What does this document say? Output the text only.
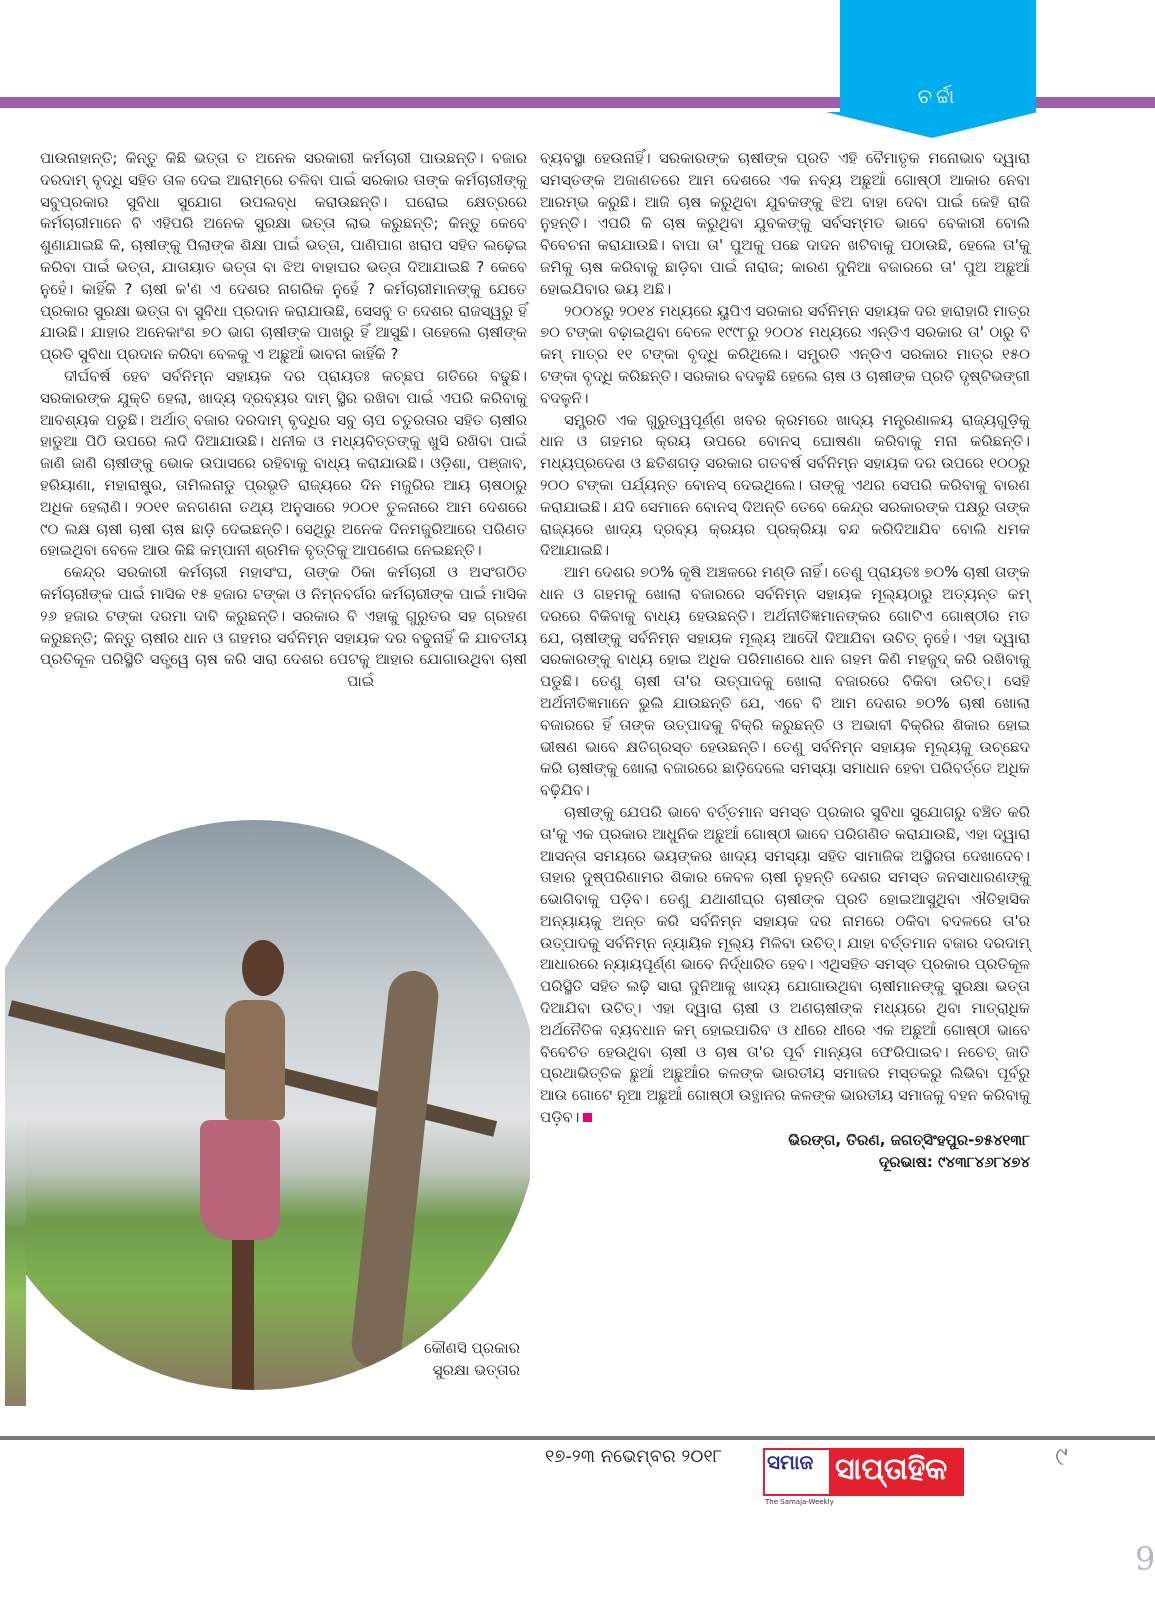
ଚର୍ଚ୍ଚା

ପାଉନାହାନ୍ତି; କିନ୍ତୁ କିଛି ଭତ୍ତା ତ ଅନେକ ସରକାରୀ କର୍ମଚାରୀ ପାଉଛନ୍ତି। ବଜାର ଦରଦାମ୍ ବୃଦ୍ଧି ସହିତ ତାଳ ଦେଇ ଆରାମ୍‌ରେ ଚଳିବା ପାଇଁ ସରକାର ତାଙ୍କ କର୍ମଚାରୀଙ୍କୁ ସବୁପ୍ରକାର ସୁବିଧା ସୁଯୋଗ ଉପଲବ୍ଧ କରାଉଛନ୍ତି। ଘରୋଇ କ୍ଷେତ୍ରରେ କର୍ମଚାରୀମାନେ ବି ଏହିପରି ଅନେକ ସୁରକ୍ଷା ଭତ୍ତା ଲାଭ କରୁଛନ୍ତି; କିନ୍ତୁ କେବେ ଶୁଣାଯାଇଛି କି, ଚାଷୀଙ୍କୁ ପିଲାଙ୍କ ଶିକ୍ଷା ପାଇଁ ଭତ୍ତା, ପାଣିପାଗ ଖରାପ ସହିତ ଲଢ଼େଇ କରିବା ପାଇଁ ଭତ୍ତା, ଯାତାୟାତ ଭତ୍ତା ବା ଝିଅ ବାହାଘର ଭତ୍ତା ଦିଆଯାଇଛି ? କେବେ ନୁହେଁ। କାହିଁକି ? ଚାଷୀ କ'ଣ ଏ ଦେଶର ନାଗରିକ ନୁହେଁ ? କର୍ମଚାରୀମାନଙ୍କୁ ଯେତେ ପ୍ରକାର ସୁରକ୍ଷା ଭତ୍ତା ବା ସୁବିଧା ପ୍ରଦାନ କରାଯାଉଛି, ସେସବୁ ତ ଦେଶର ରାଜସ୍ୱରୁ ହିଁ ଯାଉଛି। ଯାହାର ଅନେକାଂଶ ୭୦ ଭାଗ ଚାଷୀଙ୍କ ପାଖରୁ ହିଁ ଆସୁଛି। ତାହେଲେ ଚାଷୀଙ୍କ ପ୍ରତି ସୁବିଧା ପ୍ରଦାନ କରିବା ବେଳକୁ ଏ ଅଛୁଆଁ ଭାବନା କାହିଁକି ?

ଦୀର୍ଘବର୍ଷ ହେବ ସର୍ବନିମ୍ନ ସହାୟକ ଦର ପ୍ରାୟତଃ କଚ୍ଛପ ଗତିରେ ବଢୁଛି। ସରକାରଙ୍କ ଯୁକ୍ତି ହେଲା, ଖାଦ୍ୟ ଦ୍ରବ୍ୟର ଦାମ୍ ସ୍ଥିର ରଖିବା ପାଇଁ ଏପରି କରିବାକୁ ଆବଶ୍ୟକ ପଡୁଛି। ଅର୍ଥାତ୍ ବଜାର ଦରଦାମ୍ ବୃଦ୍ଧିର ସବୁ ଚାପ ଚତୁରତାର ସହିତ ଚାଷୀର ହାଡୁଆ ପିଠି ଉପରେ ଲଦି ଦିଆଯାଉଛି। ଧନୀକ ଓ ମଧ୍ୟବିତ୍ତଙ୍କୁ ଖୁସି ରଖିବା ପାଇଁ ଜାଣି ଜାଣି ଚାଷୀଙ୍କୁ ଭୋକ ଉପାସରେ ରହିବାକୁ ବାଧ୍ୟ କରାଯାଉଛି। ଓଡ଼ିଶା, ପଞ୍ଜାବ, ହରିୟାଣା, ମହାରାଷ୍ଟ୍ର, ତାମିଲନାଡୁ ପ୍ରଭୃତି ରାଜ୍ୟରେ ଦିନ ମଜୁରିର ଆୟ ଚାଷଠାରୁ ଅଧିକ ହେଲାଣି। ୨୦୧୧ ଜନଗଣନା ତଥ୍ୟ ଅନୁସାରେ ୨୦୦୧ ତୁଳନାରେ ଆମ ଦେଶରେ ୯୦ ଲକ୍ଷ ଚାଷୀ ଚାଷୀ ଚାଷ ଛାଡ଼ି ଦେଇଛନ୍ତି। ସେଥିରୁ ଅନେକ ଦିନମଜୁରିଆରେ ପରିଣତ ହୋଇଥିବା ବେଳେ ଆଉ କିଛି କମ୍ପାନୀ ଶ୍ରମିକ ବୃତ୍ତିକୁ ଆପଣେଇ ନେଇଛନ୍ତି।

କେନ୍ଦ୍ର ସରକାରୀ କର୍ମଚାରୀ ମହାସଂଘ, ତାଙ୍କ ଠିକା କର୍ମଚାରୀ ଓ ଅସଂଗଠିତ କର୍ମଚାରୀଙ୍କ ପାଇଁ ମାସିକ ୧୫ ହଜାର ଟଙ୍କା ଓ ନିମ୍ନବର୍ଗର କର୍ମଚାରୀଙ୍କ ପାଇଁ ମାସିକ ୨୬ ହଜାର ଟଙ୍କା ଦରମା ଦାବି କରୁଛନ୍ତି। ସରକାର ବି ଏହାକୁ ଗୁରୁତର ସହ ଗ୍ରହଣ କରୁଛନ୍ତି; କିନ୍ତୁ ଚାଷୀର ଧାନ ଓ ଗହମର ସର୍ବନିମ୍ନ ସହାୟକ ଦର ବଢୁନାହିଁ କି ଯାବତୀୟ ପ୍ରତିକୂଳ ପରିସ୍ଥିତି ସତ୍ତ୍ୱେ ଚାଷ କରି ସାରା ଦେଶର ପେଟକୁ ଆହାର ଯୋଗାଉଥିବା ଚାଷୀ ପାଇଁ

କୌଣସି ପ୍ରକାର ସୁରକ୍ଷା ଭତ୍ତାର

ବ୍ୟବସ୍ଥା ହେଉନାହିଁ। ସରକାରଙ୍କ ଚାଷୀଙ୍କ ପ୍ରତି ଏହି ବୈମାତୃକ ମନୋଭାବ ଦ୍ୱାରା ସମସ୍ତଙ୍କ ଅଜାଣତରେ ଆମ ଦେଶରେ ଏକ ନବ୍ୟ ଅଛୁଆଁ ଗୋଷ୍ଠୀ ଆକାର ନେବା ଆରମ୍ଭ କରୁଛି। ଆଜି ଚାଷ କରୁଥିବା ଯୁବକଙ୍କୁ ଝିଅ ବାହା ଦେବା ପାଇଁ କେହି ରାଜି ନୁହନ୍ତି। ଏପରି କି ଚାଷ କରୁଥିବା ଯୁବକଙ୍କୁ ସର୍ବସମ୍ମତ ଭାବେ ବେକାରୀ ବୋଲି ବିବେଚନା କରାଯାଉଛି। ବାପା ତା' ପୁଅକୁ ପଛେ ଦାଦନ ଖଟିବାକୁ ପଠାଉଛି, ହେଲେ ତା'କୁ ଜମିକୁ ଚାଷ କରିବାକୁ ଛାଡ଼ିବା ପାଇଁ ନାରାଜ; କାରଣ ଦୁନିଆ ବଜାରରେ ତା' ପୁଅ ଅଛୁଆଁ ହୋଇଯିବାର ଭୟ ଅଛି।

୨୦୦୪ରୁ ୨୦୧୪ ମଧ୍ୟରେ ୟୁପିଏ ସରକାର ସର୍ବନିମ୍ନ ସହାୟକ ଦର ହାରାହାରି ମାତ୍ର ୭୦ ଟଙ୍କା ବଢ଼ାଇଥିବା ବେଳେ ୧୯୯୮ରୁ ୨୦୦୪ ମଧ୍ୟରେ ଏନ୍‌ଡିଏ ସରକାର ତା' ଠାରୁ ବି କମ୍ ମାତ୍ର ୧୧ ଟଙ୍କା ବୃଦ୍ଧି କରିଥିଲେ। ସମ୍ପ୍ରତି ଏନ୍‌ଡିଏ ସରକାର ମାତ୍ର ୧୫୦ ଟଙ୍କା ବୃଦ୍ଧି କରିଛନ୍ତି। ସରକାର ବଦଳୁଛି ହେଲେ ଚାଷ ଓ ଚାଷୀଙ୍କ ପ୍ରତି ଦୃଷ୍ଟିଭଙ୍ଗୀ ବଦଳୁନି।

ସମ୍ପ୍ରତି ଏକ ଗୁରୁତ୍ୱପୂର୍ଣ୍ଣ ଖବର କ୍ରମରେ ଖାଦ୍ୟ ମନ୍ତ୍ରଣାଳୟ ରାଜ୍ୟଗୁଡ଼ିକୁ ଧାନ ଓ ଗହମର କ୍ରୟ ଉପରେ ବୋନସ୍ ଘୋଷଣା କରିବାକୁ ମନା କରିଛନ୍ତି। ମଧ୍ୟପ୍ରଦେଶ ଓ ଛତିଶଗଡ଼ ସରକାର ଗତବର୍ଷ ସର୍ବନିମ୍ନ ସହାୟକ ଦର ଉପରେ ୧୦୦ରୁ ୨୦୦ ଟଙ୍କା ପର୍ଯ୍ୟନ୍ତ ବୋନସ୍ ଦେଇଥିଲେ। ତାଙ୍କୁ ଏଥର ସେପରି କରିବାକୁ ବାରଣ କରାଯାଇଛି। ଯଦି ସେମାନେ ବୋନସ୍ ଦିଅନ୍ତି ତେବେ କେନ୍ଦ୍ର ସରକାରଙ୍କ ପକ୍ଷରୁ ତାଙ୍କ ରାଜ୍ୟରେ ଖାଦ୍ୟ ଦ୍ରବ୍ୟ କ୍ରୟର ପ୍ରକ୍ରିୟା ବନ୍ଦ କରିଦିଆଯିବ ବୋଲି ଧମକ ଦିଆଯାଇଛି।

ଆମ ଦେଶର ୭୦% କୃଷି ଅଞ୍ଚଳରେ ମଣ୍ଡି ନାହିଁ। ତେଣୁ ପ୍ରାୟତଃ ୭୦% ଚାଷୀ ତାଙ୍କ ଧାନ ଓ ଗହମକୁ ଖୋଲା ବଜାରରେ ସର୍ବନିମ୍ନ ସହାୟକ ମୂଲ୍ୟଠାରୁ ଅତ୍ୟନ୍ତ କମ୍ ଦରରେ ବିକିବାକୁ ବାଧ୍ୟ ହେଉଛନ୍ତି। ଅର୍ଥନୀତିଜ୍ଞମାନଙ୍କର ଗୋଟିଏ ଗୋଷ୍ଠୀର ମତ ଯେ, ଚାଷୀଙ୍କୁ ସର୍ବନିମ୍ନ ସହାୟକ ମୂଲ୍ୟ ଆଦୌ ଦିଆଯିବା ଉଚିତ୍ ନୁହେଁ। ଏହା ଦ୍ୱାରା ସରକାରଙ୍କୁ ବାଧ୍ୟ ହୋଇ ଅଧିକ ପରିମାଣରେ ଧାନ ଗହମ କିଣି ମହଜୁଦ୍ କରି ରଖିବାକୁ ପଡୁଛି। ତେଣୁ ଚାଷୀ ତା'ର ଉତ୍ପାଦକୁ ଖୋଲା ବଜାରରେ ବିକିବା ଉଚିତ୍। ସେହି ଅର୍ଥନୀତିଜ୍ଞମାନେ ଭୁଲି ଯାଉଛନ୍ତି ଯେ, ଏବେ ବି ଆମ ଦେଶର ୭୦% ଚାଷୀ ଖୋଲା ବଜାରରେ ହିଁ ତାଙ୍କ ଉତ୍ପାଦକୁ ବିକ୍ରି କରୁଛନ୍ତି ଓ ଅଭାବୀ ବିକ୍ରିର ଶିକାର ହୋଇ ଭୀଷଣ ଭାବେ କ୍ଷତିଗ୍ରସ୍ତ ହେଉଛନ୍ତି। ତେଣୁ ସର୍ବନିମ୍ନ ସହାୟକ ମୂଲ୍ୟକୁ ଉଚ୍ଛେଦ କରି ଚାଷୀଙ୍କୁ ଖୋଲା ବଜାରରେ ଛାଡ଼ିଦେଲେ ସମସ୍ୟା ସମାଧାନ ହେବା ପରିବର୍ତ୍ତେ ଅଧିକ ବଢ଼ିଯିବ।

ଚାଷୀଙ୍କୁ ଯେପରି ଭାବେ ବର୍ତ୍ତମାନ ସମସ୍ତ ପ୍ରକାର ସୁବିଧା ସୁଯୋଗରୁ ବଞ୍ଚିତ କରି ତା'କୁ ଏକ ପ୍ରକାର ଆଧୁନିକ ଅଛୁଆଁ ଗୋଷ୍ଠୀ ଭାବେ ପରିଗଣିତ କରାଯାଉଛି, ଏହା ଦ୍ୱାରା ଆସନ୍ତା ସମୟରେ ଭୟଙ୍କର ଖାଦ୍ୟ ସମସ୍ୟା ସହିତ ସାମାଜିକ ଅସ୍ଥିରତା ଦେଖାଦେବ। ତାହାର ଦୁଷ୍ପରିଣାମର ଶିକାର କେବଳ ଚାଷୀ ନୁହନ୍ତି ଦେଶର ସମସ୍ତ ଜନସାଧାରଣଙ୍କୁ ଭୋଗିବାକୁ ପଡ଼ିବ। ତେଣୁ ଯଥାଶୀଘ୍ର ଚାଷୀଙ୍କ ପ୍ରତି ହୋଇଆସୁଥିବା ଐତିହାସିକ ଅନ୍ୟାୟକୁ ଅନ୍ତ କରି ସର୍ବନିମ୍ନ ସହାୟକ ଦର ନାମରେ ଠକିବା ବଦଳରେ ତା'ର ଉତ୍ପାଦକୁ ସର୍ବନିମ୍ନ ନ୍ୟାୟିକ ମୂଲ୍ୟ ମିଳିବା ଉଚିତ୍। ଯାହା ବର୍ତ୍ତମାନ ବଜାର ଦରଦାମ୍ ଆଧାରରେ ନ୍ୟାୟପୂର୍ଣ୍ଣ ଭାବେ ନିର୍ଦ୍ଧାରିତ ହେବ। ଏଥିସହିତ ସମସ୍ତ ପ୍ରକାର ପ୍ରତିକୂଳ ପରିସ୍ଥିତି ସହିତ ଲଢ଼ି ସାରା ଦୁନିଆକୁ ଖାଦ୍ୟ ଯୋଗାଉଥିବା ଚାଷୀମାନଙ୍କୁ ସୁରକ୍ଷା ଭତ୍ତା ଦିଆଯିବା ଉଚିତ୍। ଏହା ଦ୍ୱାରା ଚାଷୀ ଓ ଅଣଚାଷୀଙ୍କ ମଧ୍ୟରେ ଥିବା ମାତ୍ରାଧିକ ଅର୍ଥନୈତିକ ବ୍ୟବଧାନ କମ୍ ହୋଇପାରିବ ଓ ଧୀରେ ଧୀରେ ଏକ ଅଛୁଆଁ ଗୋଷ୍ଠୀ ଭାବେ ବିବେଚିତ ହେଉଥିବା ଚାଷୀ ଓ ଚାଷ ତା'ର ପୂର୍ବ ମାନ୍ୟତା ଫେରିପାଇବ। ନଚେତ୍ ଜାତି ପ୍ରଥାଭିତ୍ତିକ ଛୁଆଁ ଅଛୁଆଁର କଳଙ୍କ ଭାରତୀୟ ସମାଜର ମସ୍ତକରୁ ଲିଭିବା ପୂର୍ବରୁ ଆଉ ଗୋଟେ ନୂଆ ଅଛୁଆଁ ଗୋଷ୍ଠୀ ଉତ୍ଥାନର କଳଙ୍କ ଭାରତୀୟ ସମାଜକୁ ବହନ କରିବାକୁ ପଡ଼ିବ।

ଭିରଙ୍ଗ, ତିରଣ, ଜଗତ୍‌ସିଂହପୁର-୭୫୪୧୩୮
ଦୂରଭାଷ: ୯୪୩୮୪୬୮୪୭୪
୧୭-୨୩ ନଭେମ୍ବର ୨୦୧୮ ସମାଜ ସାପ୍ତାହିକ
The Samaja-Weekly
୯
9
